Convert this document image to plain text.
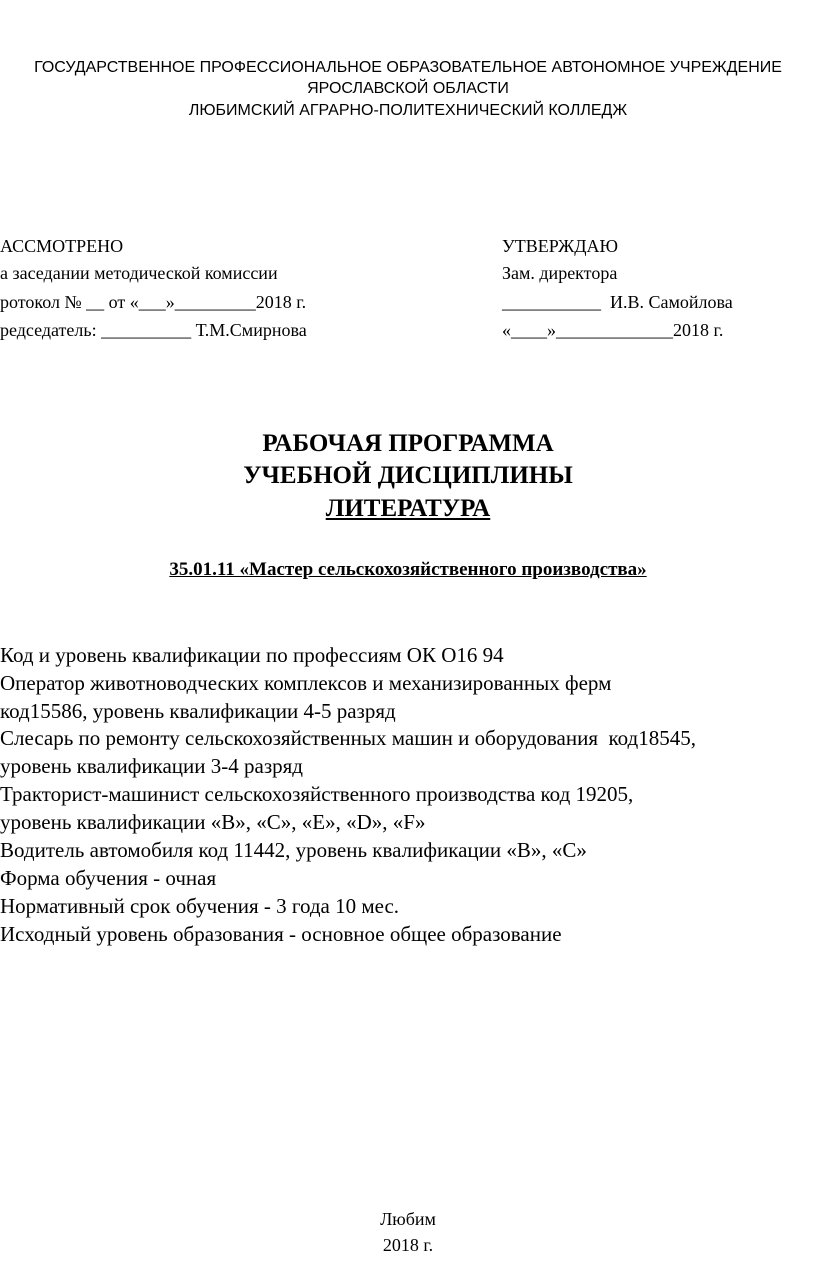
ГОСУДАРСТВЕННОЕ ПРОФЕССИОНАЛЬНОЕ ОБРАЗОВАТЕЛЬНОЕ АВТОНОМНОЕ УЧРЕЖДЕНИЕ
ЯРОСЛАВСКОЙ ОБЛАСТИ
ЛЮБИМСКИЙ АГРАРНО-ПОЛИТЕХНИЧЕСКИЙ КОЛЛЕДЖ
АССМОТРЕНО
а заседании методической комиссии
ротокол № __ от «___»_________2018 г.
редседатель: __________ Т.М.Смирнова
УТВЕРЖДАЮ
Зам. директора
___________  И.В. Самойлова
«____»_____________2018 г.
РАБОЧАЯ ПРОГРАММА
УЧЕБНОЙ ДИСЦИПЛИНЫ
ЛИТЕРАТУРА
35.01.11 «Мастер сельскохозяйственного производства»
Код и уровень квалификации по профессиям ОК О16 94
Оператор животноводческих комплексов и механизированных ферм
код15586, уровень квалификации 4-5 разряд
Слесарь по ремонту сельскохозяйственных машин и оборудования  код18545,
уровень квалификации 3-4 разряд
Тракторист-машинист сельскохозяйственного производства код 19205,
уровень квалификации «В», «С», «Е», «D», «F»
Водитель автомобиля код 11442, уровень квалификации «В», «С»
Форма обучения - очная
Нормативный срок обучения - 3 года 10 мес.
Исходный уровень образования - основное общее образование
Любим
2018 г.
